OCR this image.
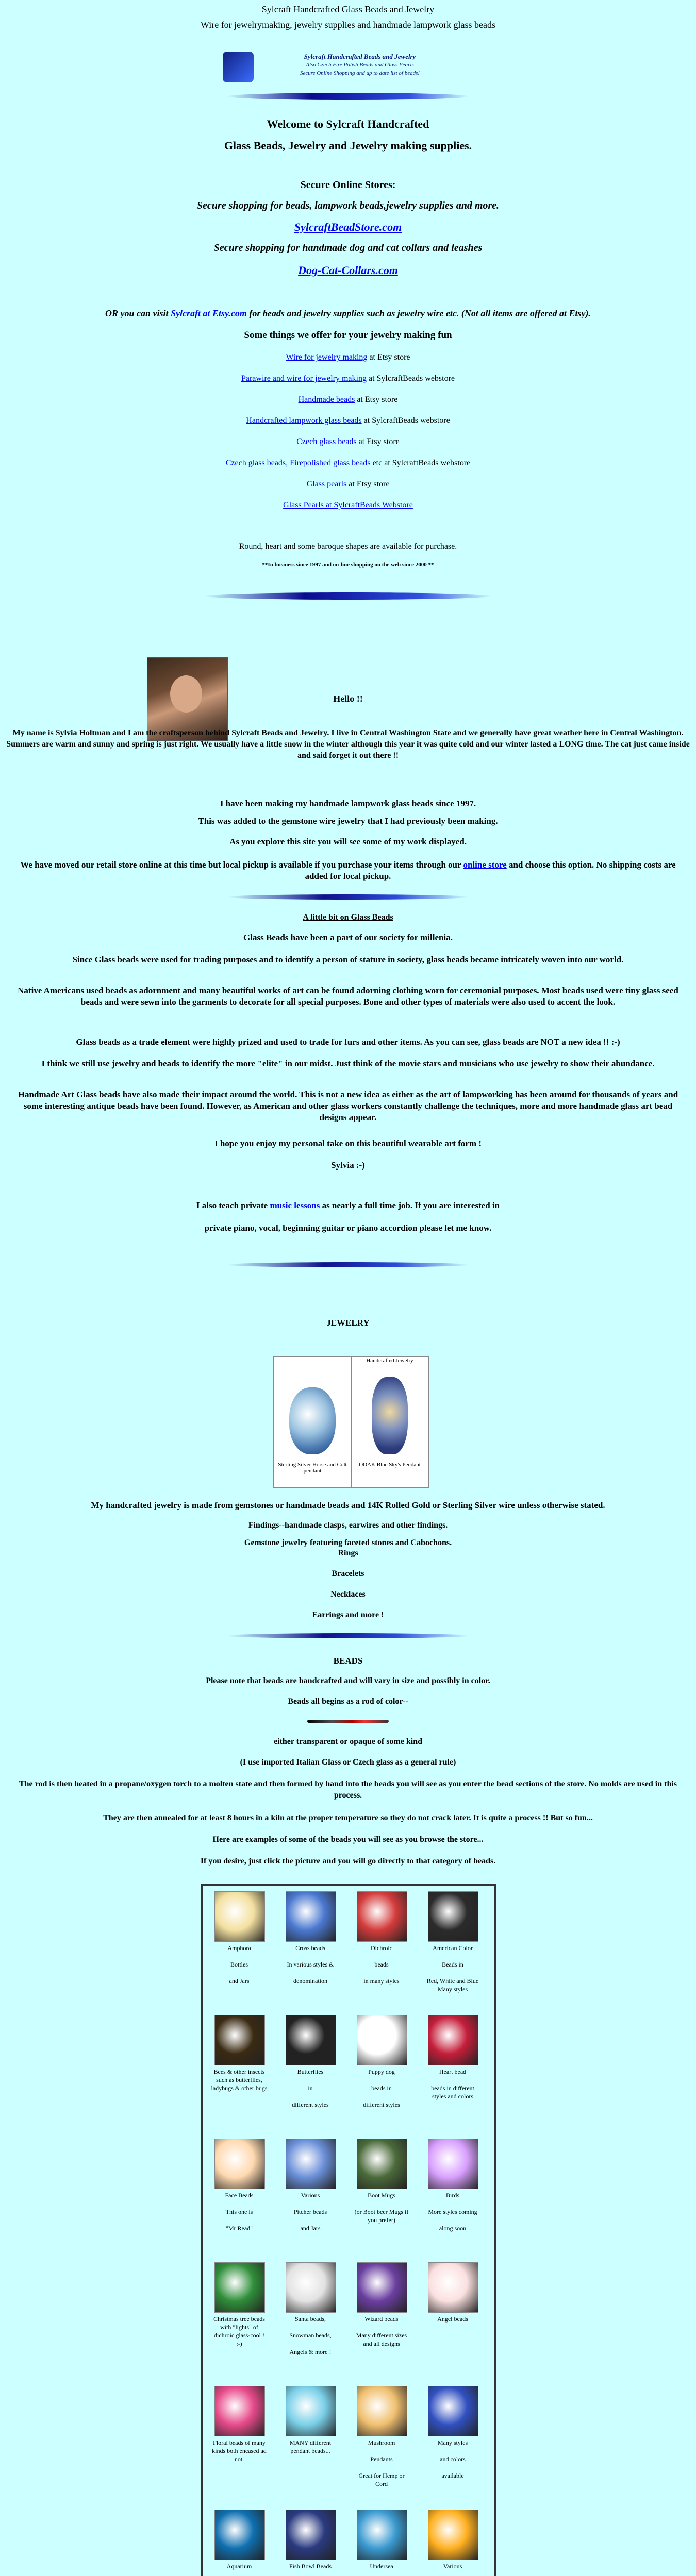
Sylcraft Handcrafted Glass Beads and Jewelry
Wire for jewelrymaking, jewelry supplies and handmade lampwork glass beads
Sylcraft Handcrafted Beads and Jewelry
Also Czech Fire Polish Beads and Glass Pearls
Secure Online Shopping and up to date list of beads!
Welcome to Sylcraft Handcrafted
Glass Beads, Jewelry and Jewelry making supplies.
Secure Online Stores:
Secure shopping for beads, lampwork beads,jewelry supplies and more.
SylcraftBeadStore.com
Secure shopping for handmade dog and cat collars and leashes
Dog-Cat-Collars.com
OR you can visit Sylcraft at Etsy.com for beads and jewelry supplies such as jewelry wire etc. (Not all items are offered at Etsy).
Some things we offer for your jewelry making fun
Wire for jewelry making at Etsy store
Parawire and wire for jewelry making at SylcraftBeads webstore
Handmade beads at Etsy store
Handcrafted lampwork glass beads at SylcraftBeads webstore
Czech glass beads at Etsy store
Czech glass beads, Firepolished glass beads etc at SylcraftBeads webstore
Glass pearls at Etsy store
Glass Pearls at SylcraftBeads Webstore
Round, heart and some baroque shapes are available for purchase.
**In business since 1997 and on-line shopping on the web since 2000 **
Hello !!
My name is Sylvia Holtman and I am the craftsperson behind Sylcraft Beads and Jewelry. I live in Central Washington State and we generally have great weather here in Central Washington. Summers are warm and sunny and spring is just right. We usually have a little snow in the winter although this year it was quite cold and our winter lasted a LONG time. The cat just came inside and said forget it out there !!
I have been making my handmade lampwork glass beads since 1997.
This was added to the gemstone wire jewelry that I had previously been making.
As you explore this site you will see some of my work displayed.
We have moved our retail store online at this time but local pickup is available if you purchase your items through our online store and choose this option. No shipping costs are added for local pickup.
A little bit on Glass Beads
Glass Beads have been a part of our society for millenia.
Since Glass beads were used for trading purposes and to identify a person of stature in society, glass beads became intricately woven into our world.
Native Americans used beads as adornment and many beautiful works of art can be found adorning clothing worn for ceremonial purposes. Most beads used were tiny glass seed beads and were sewn into the garments to decorate for all special purposes. Bone and other types of materials were also used to accent the look.
Glass beads as a trade element were highly prized and used to trade for furs and other items. As you can see, glass beads are NOT a new idea !! :-)
I think we still use jewelry and beads to identify the more "elite" in our midst. Just think of the movie stars and musicians who use jewelry to show their abundance.
Handmade Art Glass beads have also made their impact around the world. This is not a new idea as either as the art of lampworking has been around for thousands of years and some interesting antique beads have been found. However, as American and other glass workers constantly challenge the techniques, more and more handmade glass art bead designs appear.
I hope you enjoy my personal take on this beautiful wearable art form !
Sylvia :-)
I also teach private music lessons as nearly a full time job. If you are interested in
private piano, vocal, beginning guitar or piano accordion please let me know.
JEWELRY
Sterling Silver Horse and Colt pendant
Handcrafted Jewelry
OOAK Blue Sky's Pendant
My handcrafted jewelry is made from gemstones or handmade beads and 14K Rolled Gold or Sterling Silver wire unless otherwise stated.
Findings--handmade clasps, earwires and other findings.
Gemstone jewelry featuring faceted stones and Cabochons.
Rings
Bracelets
Necklaces
Earrings and more !
BEADS
Please note that beads are handcrafted and will vary in size and possibly in color.
Beads all begins as a rod of color--
either transparent or opaque of some kind
(I use imported Italian Glass or Czech glass as a general rule)
The rod is then heated in a propane/oxygen torch to a molten state and then formed by hand into the beads you will see as you enter the bead sections of the store. No molds are used in this process.
They are then annealed for at least 8 hours in a kiln at the proper temperature so they do not crack later. It is quite a process !! But so fun...
Here are examples of some of the beads you will see as you browse the store...
If you desire, just click the picture and you will go directly to that category of beads.
Amphora

Bottles

and Jars
Cross beads

In various styles &

denomination
Dichroic

beads

in many styles
American Color

Beads in

Red, White and Blue Many styles
Bees & other insects such as butterflies, ladybugs & other bugs
Butterflies

in

different styles
Puppy dog

beads in

different styles
Heart bead

beads in different styles and colors
Face Beads

This one is

"Mr Read"
Various

Pitcher beads

and Jars
Boot Mugs

(or Boot beer Mugs if you prefer)
Birds

More styles coming

along soon
Christmas tree beads with "lights" of dichroic glass-cool ! :-)
Santa beads,

Snowman beads,

Angels & more !
Wizard beads

Many different sizes and all designs
Angel beads
Floral beads of many kinds both encased ad not.
MANY different pendant beads...
Mushroom

Pendants

Great for Hemp or Cord
Many styles

and colors

available
Aquarium	Fish Bowl Beads	Undersea	Various
